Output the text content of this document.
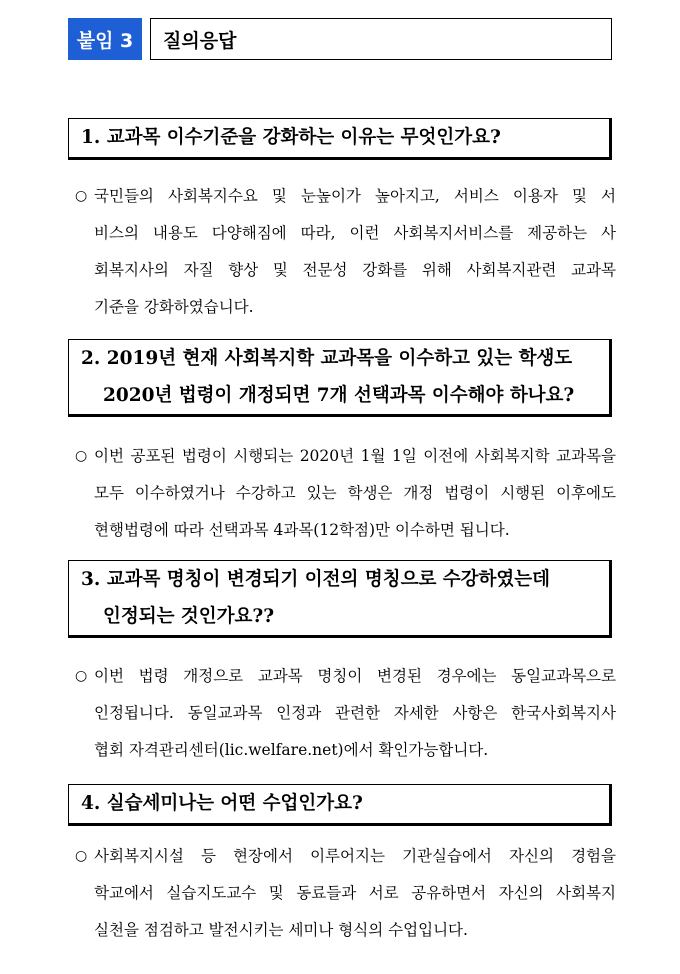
붙임 3	질의응답
1. 교과목 이수기준을 강화하는 이유는 무엇인가요?
○ 국민들의 사회복지수요 및 눈높이가 높아지고, 서비스 이용자 및 서
비스의 내용도 다양해짐에 따라, 이런 사회복지서비스를 제공하는 사
회복지사의 자질 향상 및 전문성 강화를 위해 사회복지관련 교과목
기준을 강화하였습니다.
2. 2019년 현재 사회복지학 교과목을 이수하고 있는 학생도
2020년 법령이 개정되면 7개 선택과목 이수해야 하나요?
○ 이번 공포된 법령이 시행되는 2020년 1월 1일 이전에 사회복지학 교과목을
모두 이수하였거나 수강하고 있는 학생은 개정 법령이 시행된 이후에도
현행법령에 따라 선택과목 4과목(12학점)만 이수하면 됩니다.
3. 교과목 명칭이 변경되기 이전의 명칭으로 수강하였는데
인정되는 것인가요??
○ 이번 법령 개정으로 교과목 명칭이 변경된 경우에는 동일교과목으로
인정됩니다. 동일교과목 인정과 관련한 자세한 사항은 한국사회복지사
협회 자격관리센터(lic.welfare.net)에서 확인가능합니다.
4. 실습세미나는 어떤 수업인가요?
○ 사회복지시설 등 현장에서 이루어지는 기관실습에서 자신의 경험을
학교에서 실습지도교수 및 동료들과 서로 공유하면서 자신의 사회복지
실천을 점검하고 발전시키는 세미나 형식의 수업입니다.
